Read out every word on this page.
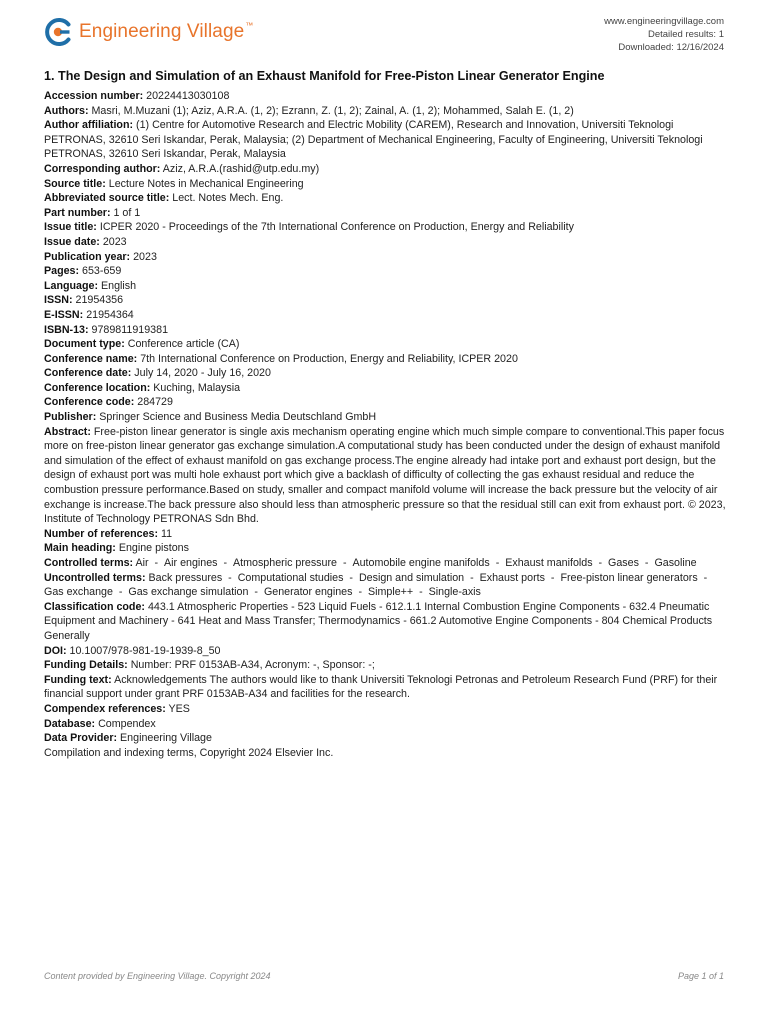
Engineering Village™	www.engineeringvillage.com
Detailed results: 1
Downloaded: 12/16/2024
1. The Design and Simulation of an Exhaust Manifold for Free-Piston Linear Generator Engine

Accession number: 20224413030108

Authors: Masri, M.Muzani (1); Aziz, A.R.A. (1, 2); Ezrann, Z. (1, 2); Zainal, A. (1, 2); Mohammed, Salah E. (1, 2)

Author affiliation: (1) Centre for Automotive Research and Electric Mobility (CAREM), Research and Innovation, Universiti Teknologi PETRONAS, 32610 Seri Iskandar, Perak, Malaysia; (2) Department of Mechanical Engineering, Faculty of Engineering, Universiti Teknologi PETRONAS, 32610 Seri Iskandar, Perak, Malaysia

Corresponding author: Aziz, A.R.A.(rashid@utp.edu.my)

Source title: Lecture Notes in Mechanical Engineering

Abbreviated source title: Lect. Notes Mech. Eng.

Part number: 1 of 1

Issue title: ICPER 2020 - Proceedings of the 7th International Conference on Production, Energy and Reliability

Issue date: 2023

Publication year: 2023

Pages: 653-659

Language: English

ISSN: 21954356

E-ISSN: 21954364

ISBN-13: 9789811919381

Document type: Conference article (CA)

Conference name: 7th International Conference on Production, Energy and Reliability, ICPER 2020

Conference date: July 14, 2020 - July 16, 2020

Conference location: Kuching, Malaysia

Conference code: 284729

Publisher: Springer Science and Business Media Deutschland GmbH

Abstract: Free-piston linear generator is single axis mechanism operating engine which much simple compare to conventional.This paper focus more on free-piston linear generator gas exchange simulation.A computational study has been conducted under the design of exhaust manifold and simulation of the effect of exhaust manifold on gas exchange process.The engine already had intake port and exhaust port design, but the design of exhaust port was multi hole exhaust port which give a backlash of difficulty of collecting the gas exhaust residual and reduce the combustion pressure performance.Based on study, smaller and compact manifold volume will increase the back pressure but the velocity of air exchange is increase.The back pressure also should less than atmospheric pressure so that the residual still can exit from exhaust port. © 2023, Institute of Technology PETRONAS Sdn Bhd.

Number of references: 11

Main heading: Engine pistons

Controlled terms: Air - Air engines - Atmospheric pressure - Automobile engine manifolds - Exhaust manifolds - Gases - Gasoline

Uncontrolled terms: Back pressures - Computational studies - Design and simulation - Exhaust ports - Free-piston linear generators - Gas exchange - Gas exchange simulation - Generator engines - Simple++ - Single-axis

Classification code: 443.1 Atmospheric Properties - 523 Liquid Fuels - 612.1.1 Internal Combustion Engine Components - 632.4 Pneumatic Equipment and Machinery - 641 Heat and Mass Transfer; Thermodynamics - 661.2 Automotive Engine Components - 804 Chemical Products Generally

DOI: 10.1007/978-981-19-1939-8_50

Funding Details: Number: PRF 0153AB-A34, Acronym: -, Sponsor: -;

Funding text: Acknowledgements The authors would like to thank Universiti Teknologi Petronas and Petroleum Research Fund (PRF) for their financial support under grant PRF 0153AB-A34 and facilities for the research.

Compendex references: YES

Database: Compendex

Data Provider: Engineering Village

Compilation and indexing terms, Copyright 2024 Elsevier Inc.

Content provided by Engineering Village. Copyright 2024	Page 1 of 1
